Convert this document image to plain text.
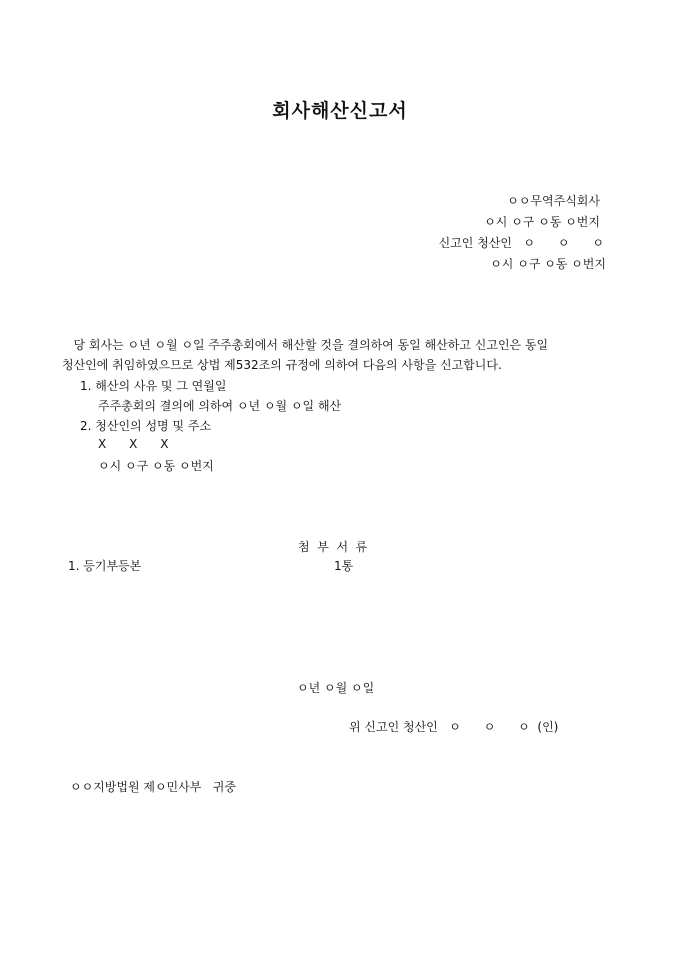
회사해산신고서
ㅇㅇ무역주식회사
ㅇ시 ㅇ구 ㅇ동 ㅇ번지
신고인 청산인   ㅇ      ㅇ      ㅇ
ㅇ시 ㅇ구 ㅇ동 ㅇ번지
당 회사는 ㅇ년 ㅇ월 ㅇ일 주주총회에서 해산할 것을 결의하여 동일 해산하고 신고인은 동일
청산인에 취임하였으므로 상법 제532조의 규정에 의하여 다음의 사항을 신고합니다.
1. 해산의 사유 및 그 연월일
주주총회의 결의에 의하여 ㅇ년 ㅇ월 ㅇ일 해산
2. 청산인의 성명 및 주소
X      X      X
ㅇ시 ㅇ구 ㅇ동 ㅇ번지
첨  부  서  류
1. 등기부등본	1통
ㅇ년 ㅇ월 ㅇ일
위 신고인 청산인   ㅇ      ㅇ      ㅇ  (인)
ㅇㅇ지방법원 제ㅇ민사부   귀중
